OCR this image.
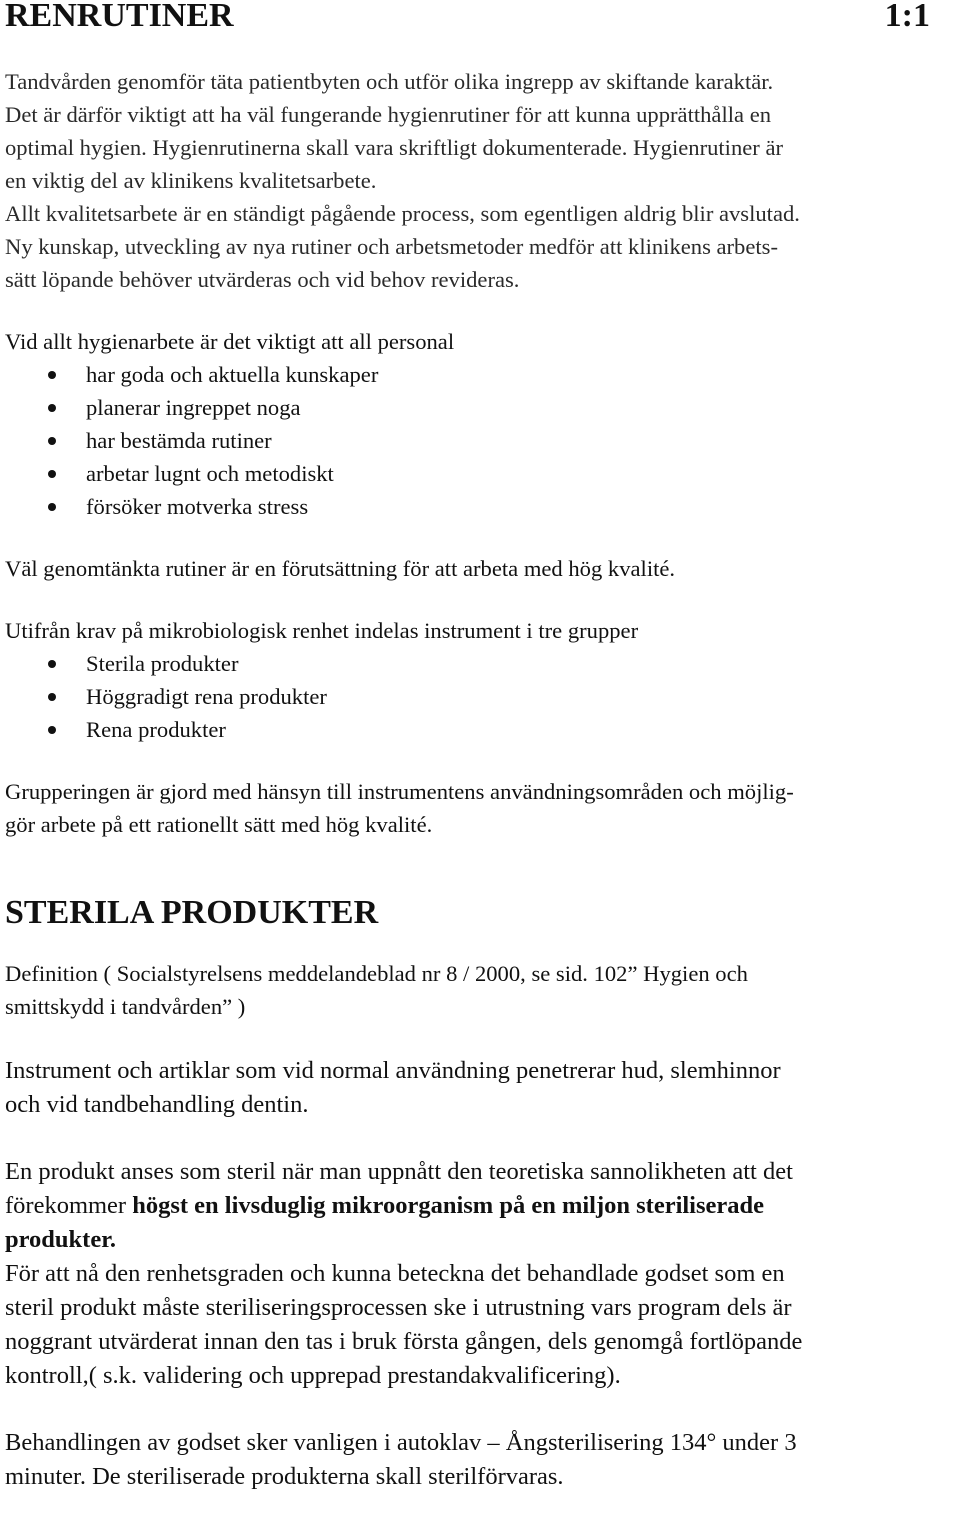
RENRUTINER	1:1

Tandvården genomför täta patientbyten och utför olika ingrepp av skiftande karaktär.
Det är därför viktigt att ha väl fungerande hygienrutiner för att kunna upprätthålla en
optimal hygien. Hygienrutinerna skall vara skriftligt dokumenterade. Hygienrutiner är
en viktig del av klinikens kvalitetsarbete.
Allt kvalitetsarbete är en ständigt pågående process, som egentligen aldrig blir avslutad.
Ny kunskap, utveckling av nya rutiner och arbetsmetoder medför att klinikens arbets-
sätt löpande behöver utvärderas och vid behov revideras.

Vid allt hygienarbete är det viktigt att all personal

har goda och aktuella kunskaper
planerar ingreppet noga
har bestämda rutiner
arbetar lugnt och metodiskt
försöker motverka stress

Väl genomtänkta rutiner är en förutsättning för att arbeta med hög kvalité.

Utifrån krav på mikrobiologisk renhet indelas instrument i tre grupper

Sterila produkter
Höggradigt rena produkter
Rena produkter

Grupperingen är gjord med hänsyn till instrumentens användningsområden och möjlig-
gör arbete på ett rationellt sätt med hög kvalité.

STERILA PRODUKTER

Definition ( Socialstyrelsens meddelandeblad nr 8 / 2000, se sid. 102” Hygien och
smittskydd i tandvården” )

Instrument och artiklar som vid normal användning penetrerar hud, slemhinnor
och vid tandbehandling dentin.

En produkt anses som steril när man uppnått den teoretiska sannolikheten att det
förekommer högst en livsduglig mikroorganism på en miljon steriliserade
produkter.

För att nå den renhetsgraden och kunna beteckna det behandlade godset som en
steril produkt måste steriliseringsprocessen ske i utrustning vars program dels är
noggrant utvärderat innan den tas i bruk första gången, dels genomgå fortlöpande
kontroll,( s.k. validering och upprepad prestandakvalificering).

Behandlingen av godset sker vanligen i autoklav – Ångsterilisering 134° under 3
minuter. De steriliserade produkterna skall sterilförvaras.
